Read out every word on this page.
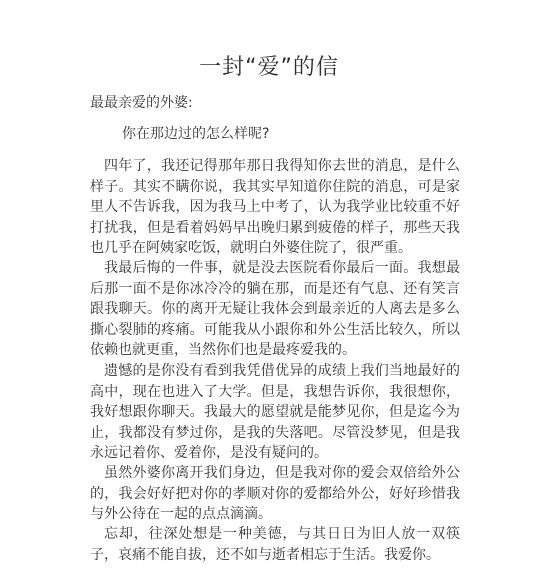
一封“爱”的信
最最亲爱的外婆:
你在那边过的怎么样呢?

四年了，我还记得那年那日我得知你去世的消息，是什么样子。其实不瞒你说，我其实早知道你住院的消息，可是家里人不告诉我，因为我马上中考了，认为我学业比较重不好打扰我，但是看着妈妈早出晚归累到疲倦的样子，那些天我也几乎在阿姨家吃饭，就明白外婆住院了，很严重。

我最后悔的一件事，就是没去医院看你最后一面。我想最后那一面不是你冰冷冷的躺在那，而是还有气息、还有笑言跟我聊天。你的离开无疑让我体会到最亲近的人离去是多么撕心裂肺的疼痛。可能我从小跟你和外公生活比较久，所以依赖也就更重，当然你们也是最疼爱我的。

遗憾的是你没有看到我凭借优异的成绩上我们当地最好的高中，现在也进入了大学。但是，我想告诉你，我很想你，我好想跟你聊天。我最大的愿望就是能梦见你，但是迄今为止，我都没有梦过你，是我的失落吧。尽管没梦见，但是我永远记着你、爱着你，是没有疑问的。

虽然外婆你离开我们身边，但是我对你的爱会双倍给外公的，我会好好把对你的孝顺对你的爱都给外公，好好珍惜我与外公待在一起的点点滴滴。

忘却，往深处想是一种美德，与其日日为旧人放一双筷子，哀痛不能自拔，还不如与逝者相忘于生活。我爱你。
